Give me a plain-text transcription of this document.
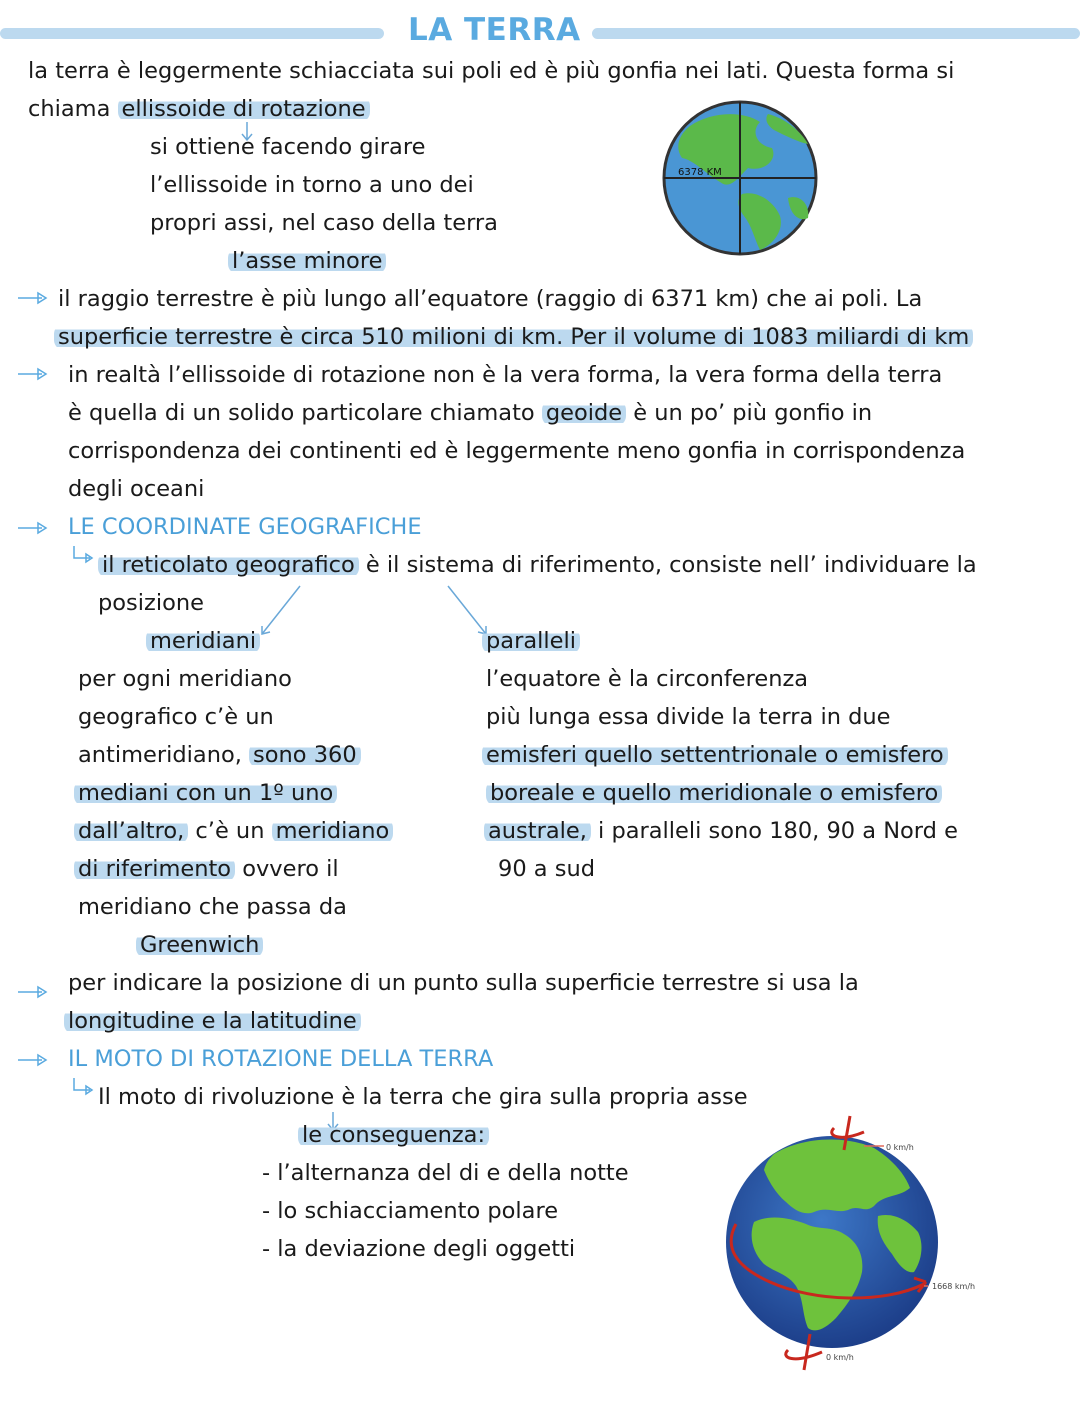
LA TERRA
la terra è leggermente schiacciata sui poli ed è più gonfia nei lati. Questa forma si
chiama ellissoide di rotazione
si ottiene facendo girare
l’ellissoide in torno a uno dei
propri assi, nel caso della terra
l’asse minore
6378 KM
il raggio terrestre è più lungo all’equatore (raggio di 6371 km) che ai poli. La
superficie terrestre è circa 510 milioni di km. Per il volume di 1083 miliardi di km
in realtà l’ellissoide di rotazione non è la vera forma, la vera forma della terra
è quella di un solido particolare chiamato geoide è un po’ più gonfio in
corrispondenza dei continenti ed è leggermente meno gonfia in corrispondenza
degli oceani
LE COORDINATE GEOGRAFICHE
il reticolato geografico è il sistema di riferimento, consiste nell’ individuare la
posizione
meridiani
per ogni meridiano
geografico c’è un
antimeridiano, sono 360
mediani con un 1º uno
dall’altro, c’è un meridiano
di riferimento ovvero il
meridiano che passa da
Greenwich
paralleli
l’equatore è la circonferenza
più lunga essa divide la terra in due
emisferi quello settentrionale o emisfero
boreale e quello meridionale o emisfero
australe, i paralleli sono 180, 90 a Nord e
90 a sud
per indicare la posizione di un punto sulla superficie terrestre si usa la
longitudine e la latitudine
IL MOTO DI ROTAZIONE DELLA TERRA
Il moto di rivoluzione è la terra che gira sulla propria asse
le conseguenza:
- l’alternanza del di e della notte
- lo schiacciamento polare
- la deviazione degli oggetti
0 km/h
1668 km/h
0 km/h
